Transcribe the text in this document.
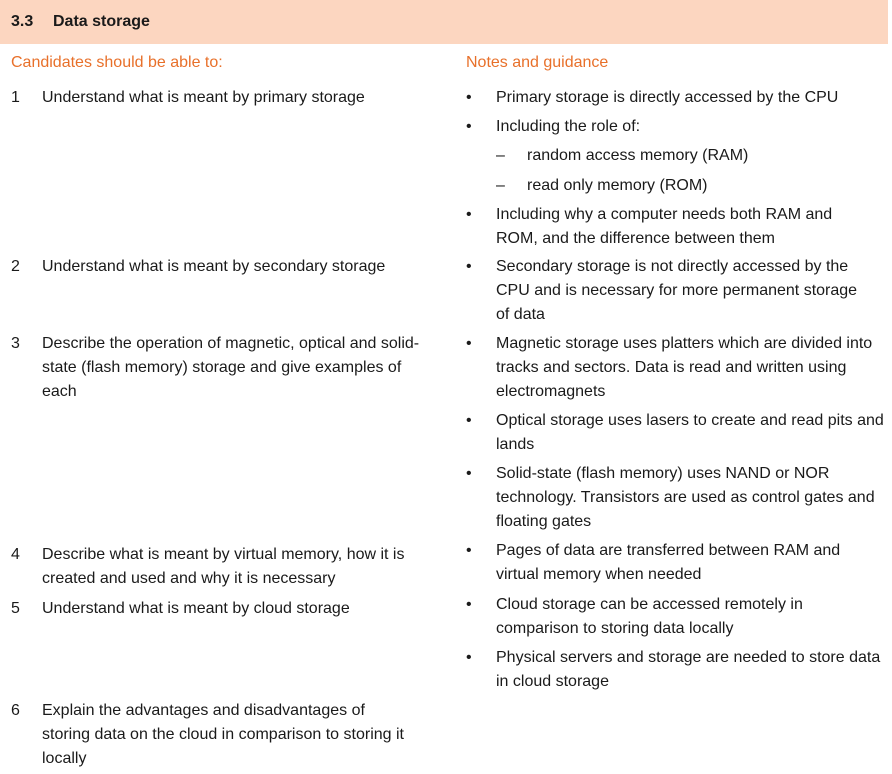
3.3 Data storage
Candidates should be able to:	Notes and guidance
1 Understand what is meant by primary storage
2 Understand what is meant by secondary storage
3 Describe the operation of magnetic, optical and solid-state (flash memory) storage and give examples of each
4 Describe what is meant by virtual memory, how it is created and used and why it is necessary
5 Understand what is meant by cloud storage
6 Explain the advantages and disadvantages of storing data on the cloud in comparison to storing it locally
• Primary storage is directly accessed by the CPU
• Including the role of:
– random access memory (RAM)
– read only memory (ROM)
• Including why a computer needs both RAM and ROM, and the difference between them
• Secondary storage is not directly accessed by the CPU and is necessary for more permanent storage of data
• Magnetic storage uses platters which are divided into tracks and sectors. Data is read and written using electromagnets
• Optical storage uses lasers to create and read pits and lands
• Solid-state (flash memory) uses NAND or NOR technology. Transistors are used as control gates and floating gates
• Pages of data are transferred between RAM and virtual memory when needed
• Cloud storage can be accessed remotely in comparison to storing data locally
• Physical servers and storage are needed to store data in cloud storage
